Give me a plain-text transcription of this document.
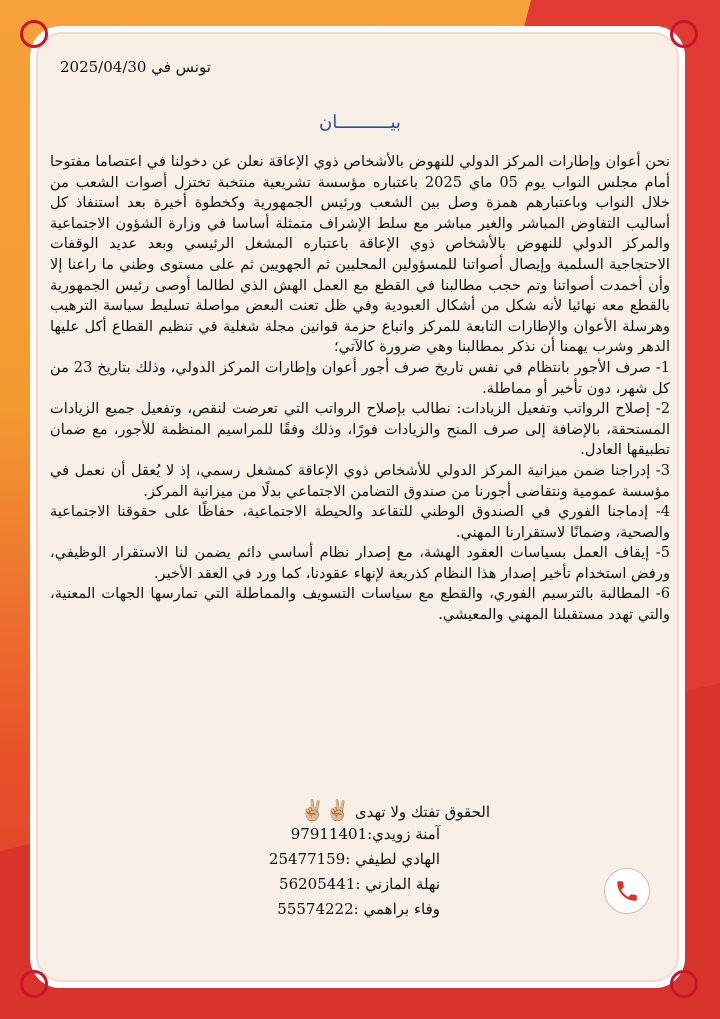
تونس في 2025/04/30
بيــــــــــان

نحن أعوان وإطارات المركز الدولي للنهوض بالأشخاص ذوي الإعاقة نعلن عن دخولنا في اعتصاما مفتوحا أمام مجلس النواب يوم 05 ماي 2025 باعتباره مؤسسة تشريعية منتخبة تختزل أصوات الشعب من خلال النواب وباعتبارهم همزة وصل بين الشعب ورئيس الجمهورية وكخطوة أخيرة بعد استنفاذ كل أساليب التفاوض المباشر والغير مباشر مع سلط الإشراف متمثلة أساسا في وزارة الشؤون الاجتماعية والمركز الدولي للنهوض بالأشخاص ذوي الإعاقة باعتباره المشغل الرئيسي وبعد عديد الوقفات الاحتجاجية السلمية وإيصال أصواتنا للمسؤولين المحليين ثم الجهويين ثم على مستوى وطني ما راعنا إلا وأن أخمدت أصواتنا وتم حجب مطالبنا في القطع مع العمل الهش الذي لطالما أوصى رئيس الجمهورية بالقطع معه نهائيا لأنه شكل من أشكال العبودية وفي ظل تعنت البعض مواصلة تسليط سياسة الترهيب وهرسلة الأعوان والإطارات التابعة للمركز واتباع حزمة قوانين مجلة شغلية في تنظيم القطاع أكل عليها الدهر وشرب يهمنا أن نذكر بمطالبنا وهي ضرورة كالآتي؛

1- صرف الأجور بانتظام في نفس تاريخ صرف أجور أعوان وإطارات المركز الدولي، وذلك بتاريخ 23 من كل شهر، دون تأخير أو مماطلة.

2- إصلاح الرواتب وتفعيل الزيادات: نطالب بإصلاح الرواتب التي تعرضت لنقص، وتفعيل جميع الزيادات المستحقة، بالإضافة إلى صرف المنح والزيادات فورًا، وذلك وفقًا للمراسيم المنظمة للأجور، مع ضمان تطبيقها العادل.

3- إدراجنا ضمن ميزانية المركز الدولي للأشخاص ذوي الإعاقة كمشغل رسمي، إذ لا يُعقل أن نعمل في مؤسسة عمومية ونتقاضى أجورنا من صندوق التضامن الاجتماعي بدلًا من ميزانية المركز.

4- إدماجنا الفوري في الصندوق الوطني للتقاعد والحيطة الاجتماعية، حفاظًا على حقوقنا الاجتماعية والصحية، وضمانًا لاستقرارنا المهني.

5- إيقاف العمل بسياسات العقود الهشة، مع إصدار نظام أساسي دائم يضمن لنا الاستقرار الوظيفي، ورفض استخدام تأخير إصدار هذا النظام كذريعة لإنهاء عقودنا، كما ورد في العقد الأخير.

6- المطالبة بالترسيم الفوري، والقطع مع سياسات التسويف والمماطلة التي تمارسها الجهات المعنية، والتي تهدد مستقبلنا المهني والمعيشي.

الحقوق تفتك ولا تهدى ✌🏼✌🏼
آمنة زويدي:97911401
الهادي لطيفي :25477159
نهلة المازني :56205441
وفاء براهمي :55574222
